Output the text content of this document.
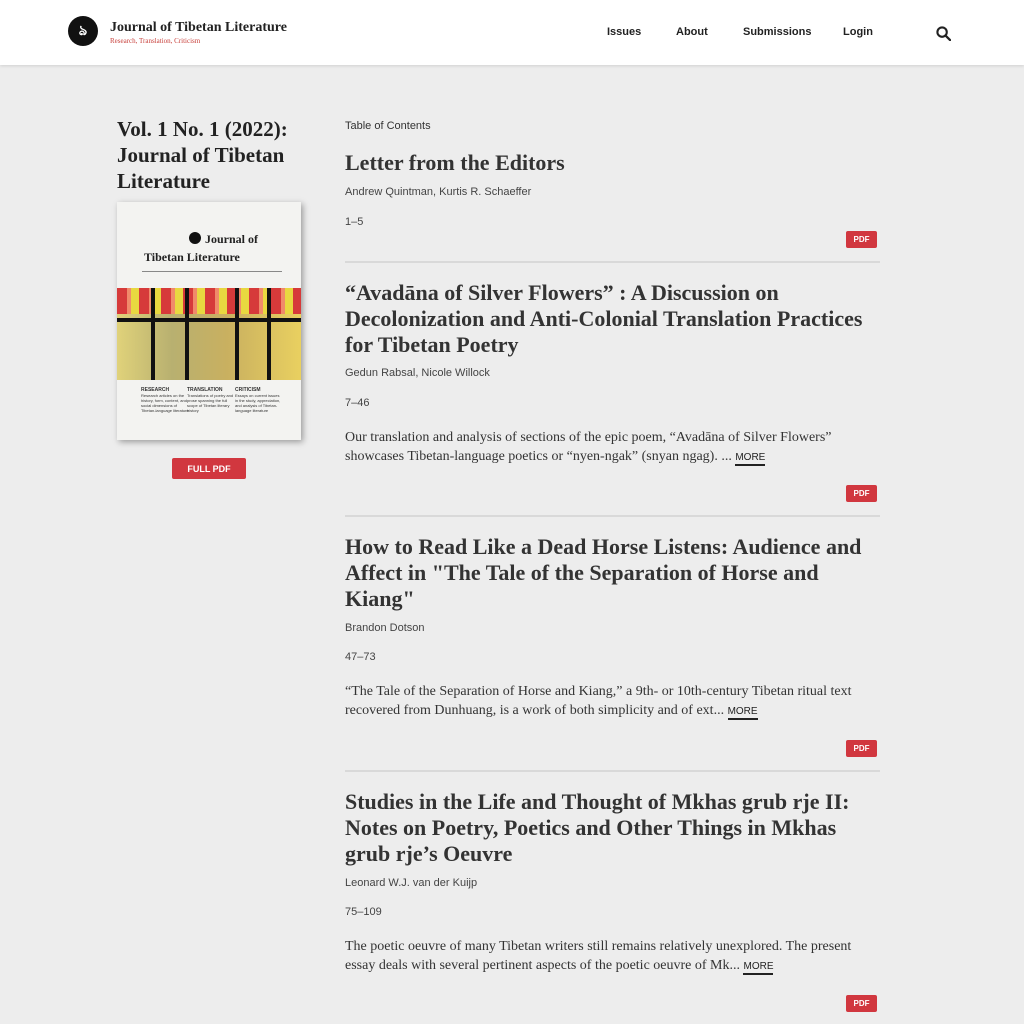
ঌ	Journal of Tibetan Literature
Research, Translation, Criticism
Issues	About	Submissions	Login
Vol. 1 No. 1 (2022): Journal of Tibetan Literature
Journal of
Tibetan Literature
RESEARCH
Research articles on the history, form, content, and social dimensions of Tibetan-language literature
TRANSLATION
Translations of poetry and prose spanning the full scope of Tibetan literary history
CRITICISM
Essays on current issues in the study, appreciation, and analysis of Tibetan-language literature
FULL PDF
Table of Contents
Letter from the Editors
Andrew Quintman, Kurtis R. Schaeffer
1–5
PDF
“Avadāna of Silver Flowers” : A Discussion on Decolonization and Anti-Colonial Translation Practices for Tibetan Poetry
Gedun Rabsal, Nicole Willock
7–46
Our translation and analysis of sections of the epic poem, “Avadāna of Silver Flowers” showcases Tibetan-language poetics or “nyen-ngak” (snyan ngag). ... MORE
PDF
How to Read Like a Dead Horse Listens: Audience and Affect in "The Tale of the Separation of Horse and Kiang"
Brandon Dotson
47–73
“The Tale of the Separation of Horse and Kiang,” a 9th- or 10th-century Tibetan ritual text recovered from Dunhuang, is a work of both simplicity and of ext... MORE
PDF
Studies in the Life and Thought of Mkhas grub rje II: Notes on Poetry, Poetics and Other Things in Mkhas grub rje’s Oeuvre
Leonard W.J. van der Kuijp
75–109
The poetic oeuvre of many Tibetan writers still remains relatively unexplored. The present essay deals with several pertinent aspects of the poetic oeuvre of Mk... MORE
PDF
